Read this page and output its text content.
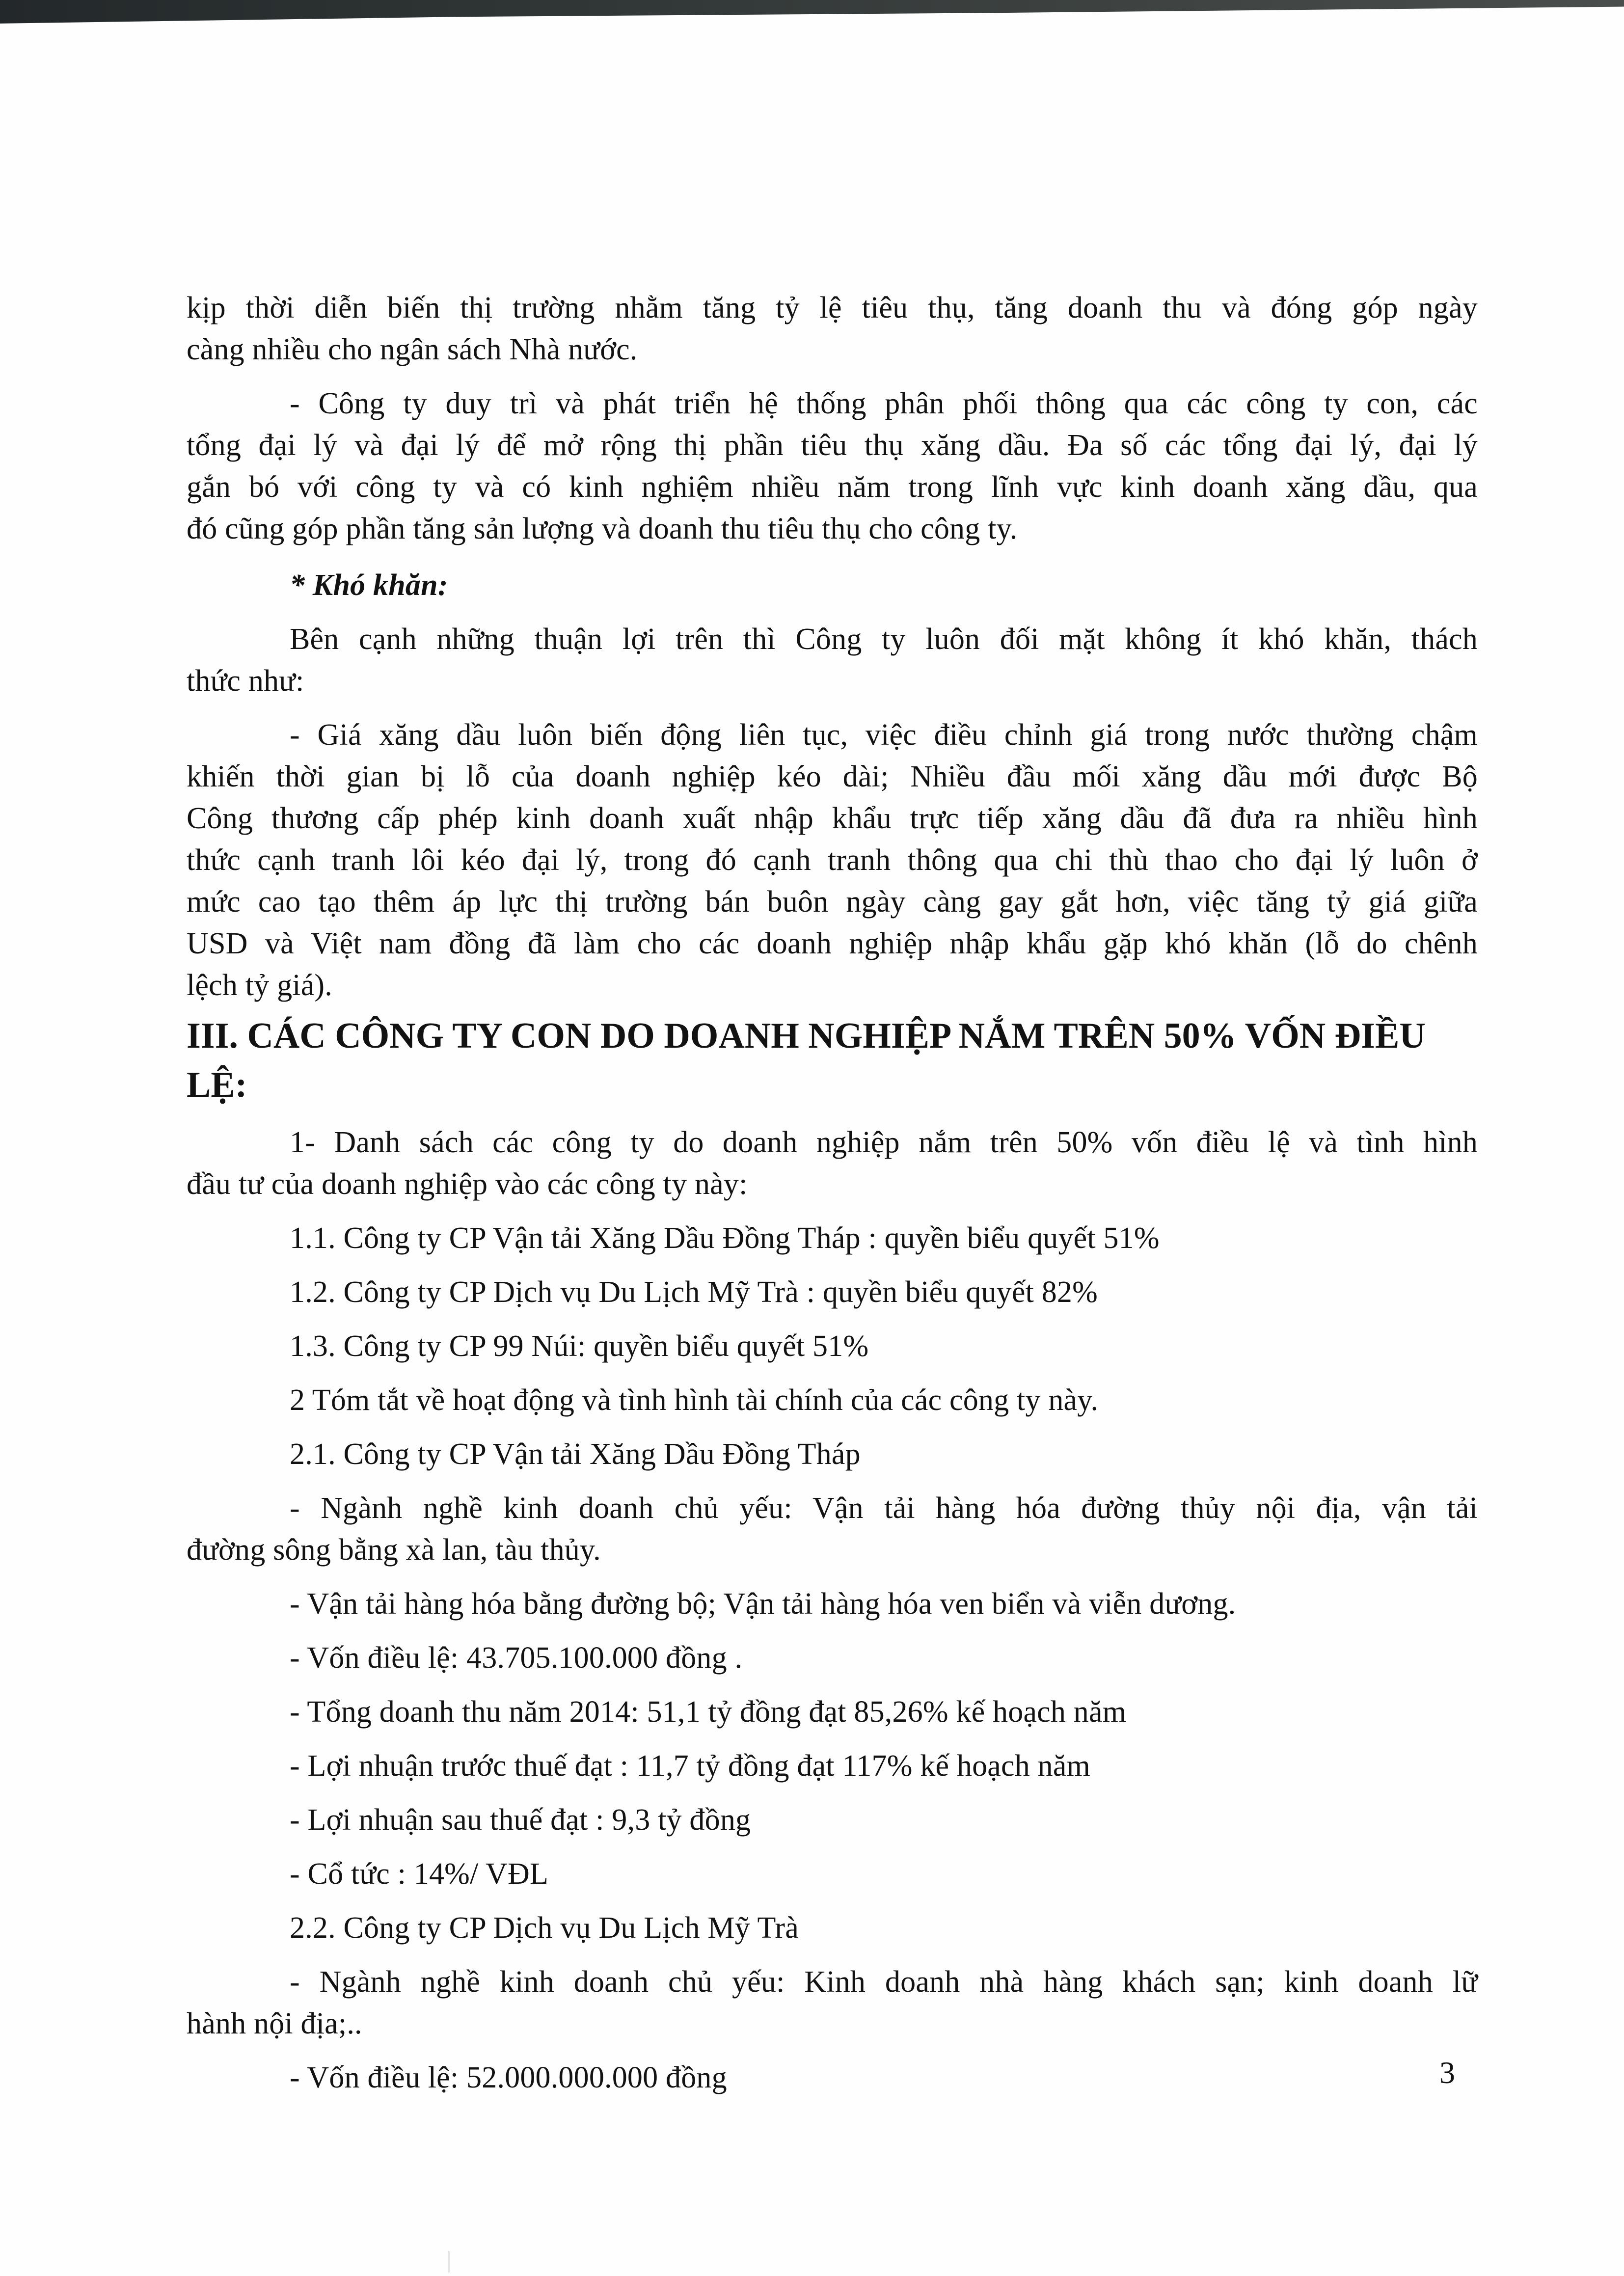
kịp thời diễn biến thị trường nhằm tăng tỷ lệ tiêu thụ, tăng doanh thu và đóng góp ngày
càng nhiều cho ngân sách Nhà nước.
- Công ty duy trì và phát triển hệ thống phân phối thông qua các công ty con, các
tổng đại lý và đại lý để mở rộng thị phần tiêu thụ xăng dầu. Đa số các tổng đại lý, đại lý
gắn bó với công ty và có kinh nghiệm nhiều năm trong lĩnh vực kinh doanh xăng dầu, qua
đó cũng góp phần tăng sản lượng và doanh thu tiêu thụ cho công ty.
* Khó khăn:
Bên cạnh những thuận lợi trên thì Công ty luôn đối mặt không ít khó khăn, thách
thức như:
- Giá xăng dầu luôn biến động liên tục, việc điều chỉnh giá trong nước thường chậm
khiến thời gian bị lỗ của doanh nghiệp kéo dài; Nhiều đầu mối xăng dầu mới được Bộ
Công thương cấp phép kinh doanh xuất nhập khẩu trực tiếp xăng dầu đã đưa ra nhiều hình
thức cạnh tranh lôi kéo đại lý, trong đó cạnh tranh thông qua chi thù thao cho đại lý luôn ở
mức cao tạo thêm áp lực thị trường bán buôn ngày càng gay gắt hơn, việc tăng tỷ giá giữa
USD và Việt nam đồng đã làm cho các doanh nghiệp nhập khẩu gặp khó khăn (lỗ do chênh
lệch tỷ giá).
III. CÁC CÔNG TY CON DO DOANH NGHIỆP NẮM TRÊN 50% VỐN ĐIỀU LỆ:
1- Danh sách các công ty do doanh nghiệp nắm trên 50% vốn điều lệ và tình hình
đầu tư của doanh nghiệp vào các công ty này:
1.1. Công ty CP Vận tải Xăng Dầu Đồng Tháp : quyền biểu quyết 51%
1.2. Công ty CP Dịch vụ Du Lịch Mỹ Trà : quyền biểu quyết 82%
1.3. Công ty CP 99 Núi: quyền biểu quyết 51%
2 Tóm tắt về hoạt động và tình hình tài chính của các công ty này.
2.1. Công ty CP Vận tải Xăng Dầu Đồng Tháp
- Ngành nghề kinh doanh chủ yếu: Vận tải hàng hóa đường thủy nội địa, vận tải
đường sông bằng xà lan, tàu thủy.
- Vận tải hàng hóa bằng đường bộ; Vận tải hàng hóa ven biển và viễn dương.
- Vốn điều lệ: 43.705.100.000 đồng .
- Tổng doanh thu năm 2014: 51,1 tỷ đồng đạt 85,26% kế hoạch năm
- Lợi nhuận trước thuế đạt : 11,7 tỷ đồng đạt 117% kế hoạch năm
- Lợi nhuận sau thuế đạt : 9,3 tỷ đồng
- Cổ tức : 14%/ VĐL
2.2. Công ty CP Dịch vụ Du Lịch Mỹ Trà
- Ngành nghề kinh doanh chủ yếu: Kinh doanh nhà hàng khách sạn; kinh doanh lữ
hành nội địa;..
- Vốn điều lệ: 52.000.000.000 đồng	3
